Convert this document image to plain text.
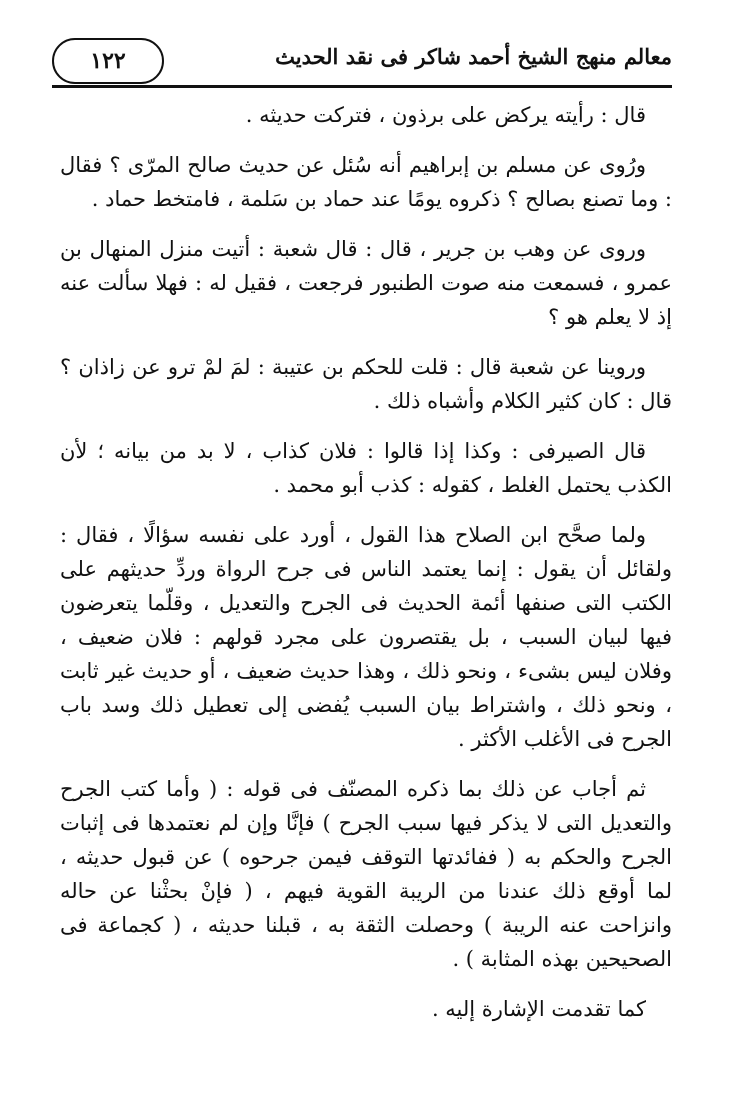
١٢٢	معالم منهج الشيخ أحمد شاكر فى نقد الحديث

قال : رأيته يركض على برذون ، فتركت حديثه .

ورُوى عن مسلم بن إبراهيم أنه سُئل عن حديث صالح المرّى ؟ فقال : وما تصنع بصالح ؟ ذكروه يومًا عند حماد بن سَلمة ، فامتخط حماد .

وروى عن وهب بن جرير ، قال : قال شعبة : أتيت منزل المنهال بن عمرو ، فسمعت منه صوت الطنبور فرجعت ، فقيل له : فهلا سألت عنه إذ لا يعلم هو ؟

وروينا عن شعبة قال : قلت للحكم بن عتيبة : لمَ لمْ ترو عن زاذان ؟ قال : كان كثير الكلام وأشباه ذلك .

قال الصيرفى : وكذا إذا قالوا : فلان كذاب ، لا بد من بيانه ؛ لأن الكذب يحتمل الغلط ، كقوله : كذب أبو محمد .

ولما صحَّح ابن الصلاح هذا القول ، أورد على نفسه سؤالًا ، فقال : ولقائل أن يقول : إنما يعتمد الناس فى جرح الرواة وردِّ حديثهم على الكتب التى صنفها أئمة الحديث فى الجرح والتعديل ، وقلّما يتعرضون فيها لبيان السبب ، بل يقتصرون على مجرد قولهم : فلان ضعيف ، وفلان ليس بشىء ، ونحو ذلك ، وهذا حديث ضعيف ، أو حديث غير ثابت ، ونحو ذلك ، واشتراط بيان السبب يُفضى إلى تعطيل ذلك وسد باب الجرح فى الأغلب الأكثر .

ثم أجاب عن ذلك بما ذكره المصنّف فى قوله : ( وأما كتب الجرح والتعديل التى لا يذكر فيها سبب الجرح ) فإنَّا وإن لم نعتمدها فى إثبات الجرح والحكم به ( ففائدتها التوقف فيمن جرحوه ) عن قبول حديثه ، لما أوقع ذلك عندنا من الريبة القوية فيهم ، ( فإنْ بحثْنا عن حاله وانزاحت عنه الريبة ) وحصلت الثقة به ، قبلنا حديثه ، ( كجماعة فى الصحيحين بهذه المثابة ) .

كما تقدمت الإشارة إليه .
